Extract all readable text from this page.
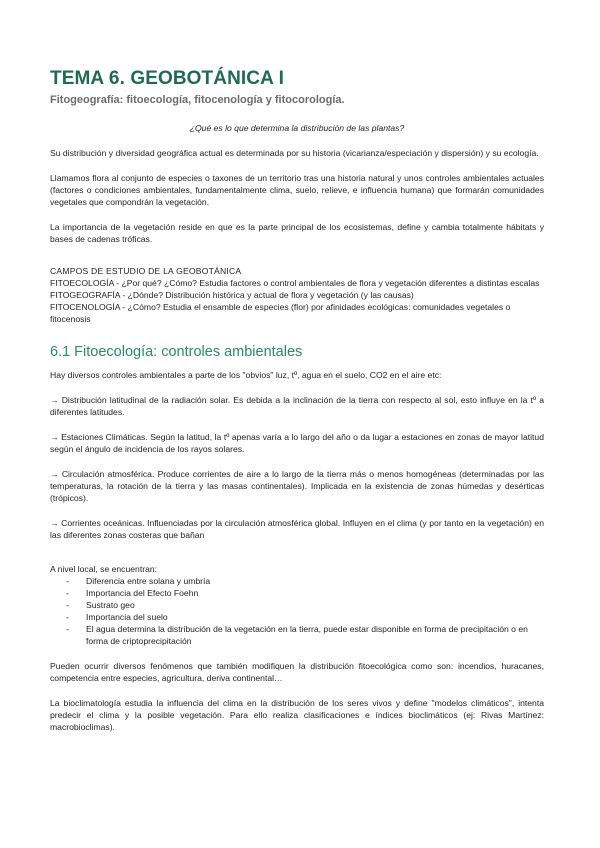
TEMA 6. GEOBOTÁNICA I
Fitogeografía: fitoecología, fitocenología y fitocorología.

¿Qué es lo que determina la distribución de las plantas?

Su distribución y diversidad geográfica actual es determinada por su historia (vicarianza/especiación y dispersión) y su ecología.

Llamamos flora al conjunto de especies o taxones de un territorio tras una historia natural y unos controles ambientales actuales (factores o condiciones ambientales, fundamentalmente clima, suelo, relieve, e influencia humana) que formarán comunidades vegetales que compondrán la vegetación.

La importancia de la vegetación reside en que es la parte principal de los ecosistemas, define y cambia totalmente hábitats y bases de cadenas tróficas.

CAMPOS DE ESTUDIO DE LA GEOBOTÁNICA

FITOECOLOGÍA - ¿Por qué? ¿Cómo? Estudia factores o control ambientales de flora y vegetación diferentes a distintas escalas

FITOGEOGRAFÍA - ¿Dónde? Distribución histórica y actual de flora y vegetación (y las causas)

FITOCENOLOGÍA - ¿Cómo? Estudia el ensamble de especies (flor) por afinidades ecológicas: comunidades vegetales o fitocenosis

6.1 Fitoecología: controles ambientales

Hay diversos controles ambientales a parte de los "obvios" luz, tº, agua en el suelo, CO2 en el aire etc:

→ Distribución latitudinal de la radiación solar. Es debida a la inclinación de la tierra con respecto al sol, esto influye en la tº a diferentes latitudes.

→ Estaciones Climáticas. Según la latitud, la tº apenas varía a lo largo del año o da lugar a estaciones en zonas de mayor latitud según el ángulo de incidencia de los rayos solares.

→ Circulación atmosférica. Produce corrientes de aire a lo largo de la tierra más o menos homogéneas (determinadas por las temperaturas, la rotación de la tierra y las masas continentales). Implicada en la existencia de zonas húmedas y desérticas (trópicos).

→ Corrientes oceánicas. Influenciadas por la circulación atmosférica global. Influyen en el clima (y por tanto en la vegetación) en las diferentes zonas costeras que bañan

A nivel local, se encuentran:

- Diferencia entre solana y umbría
- Importancia del Efecto Foehn
- Sustrato geo
- Importancia del suelo
- El agua determina la distribución de la vegetación en la tierra, puede estar disponible en forma de precipitación o en forma de criptoprecipitación

Pueden ocurrir diversos fenómenos que también modifiquen la distribución fitoecológica como son: incendios, huracanes, competencia entre especies, agricultura, deriva continental…

La bioclimatología estudia la influencia del clima en la distribución de los seres vivos y define "modelos climáticos", intenta predecir el clima y la posible vegetación. Para ello realiza clasificaciones e índices bioclimáticos (ej: Rivas Martínez: macrobioclimas).
